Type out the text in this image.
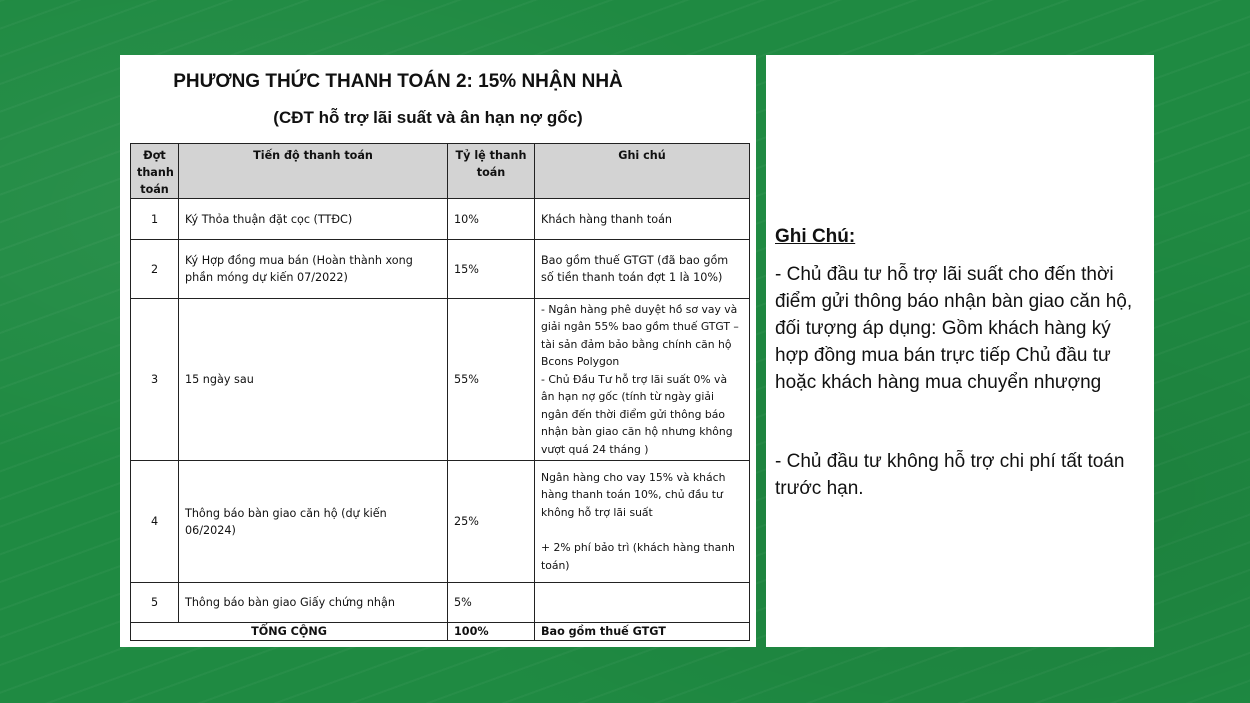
PHƯƠNG THỨC THANH TOÁN 2: 15% NHẬN NHÀ
(CĐT hỗ trợ lãi suất và ân hạn nợ gốc)
Đợt thanh toán	Tiến độ thanh toán	Tỷ lệ thanh toán	Ghi chú
1	Ký Thỏa thuận đặt cọc (TTĐC)	10%	Khách hàng thanh toán
2	Ký Hợp đồng mua bán (Hoàn thành xong phần móng dự kiến 07/2022)	15%	Bao gồm thuế GTGT (đã bao gồm số tiền thanh toán đợt 1 là 10%)
3	15 ngày sau	55%	- Ngân hàng phê duyệt hồ sơ vay và giải ngân 55% bao gồm thuế GTGT – tài sản đảm bảo bằng chính căn hộ Bcons Polygon
- Chủ Đầu Tư hỗ trợ lãi suất 0% và ân hạn nợ gốc (tính từ ngày giải ngân đến thời điểm gửi thông báo nhận bàn giao căn hộ nhưng không vượt quá 24 tháng )

4	Thông báo bàn giao căn hộ (dự kiến 06/2024)	25%	Ngân hàng cho vay 15% và khách hàng thanh toán 10%, chủ đầu tư không hỗ trợ lãi suất
+ 2% phí bảo trì (khách hàng thanh toán)

5	Thông báo bàn giao Giấy chứng nhận	5%	
TỔNG CỘNG		100%	Bao gồm thuế GTGT
Ghi Chú:
- Chủ đầu tư hỗ trợ lãi suất cho đến thời điểm gửi thông báo nhận bàn giao căn hộ, đối tượng áp dụng: Gồm khách hàng ký hợp đồng mua bán trực tiếp Chủ đầu tư hoặc khách hàng mua chuyển nhượng
- Chủ đầu tư không hỗ trợ chi phí tất toán trước hạn.
